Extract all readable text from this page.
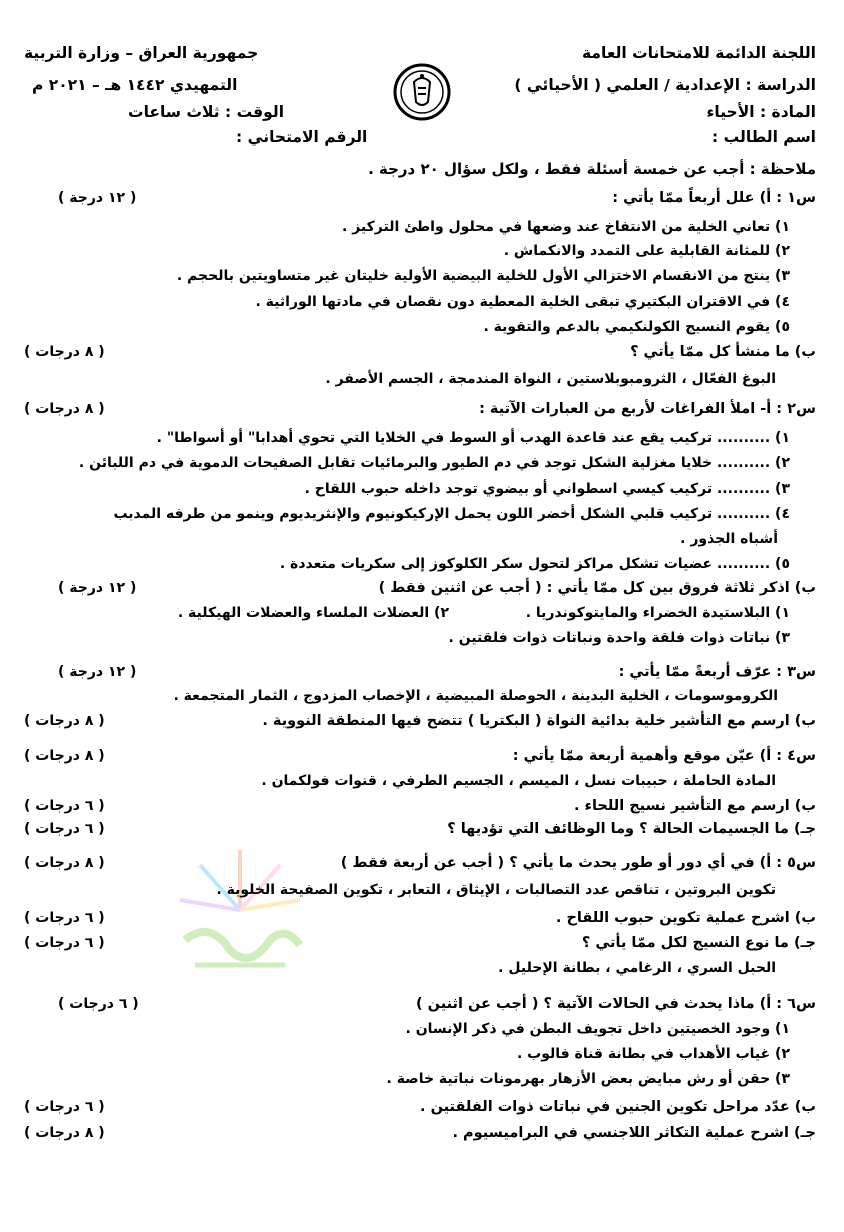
اللجنة الدائمة للامتحانات العامة
الدراسة : الإعدادية / العلمي ( الأحيائي )
المادة : الأحياء
اسم الطالب :
جمهورية العراق – وزارة التربية
التمهيدي ١٤٤٢ هـ – ٢٠٢١ م
الوقت : ثلاث ساعات
الرقم الامتحاني :
ملاحظة : أجب عن خمسة أسئلة فقط ، ولكل سؤال ٢٠ درجة .
س١ : أ) علل أربعاً ممّا يأتي :
( ١٢ درجة )
١) تعاني الخلية من الانتفاخ عند وضعها في محلول واطئ التركيز .
٢) للمثانة القابلية على التمدد والانكماش .
٣) ينتج من الانقسام الاختزالي الأول للخلية البيضية الأولية خليتان غير متساويتين بالحجم .
٤) في الاقتران البكتيري تبقى الخلية المعطية دون نقصان في مادتها الوراثية .
٥) يقوم النسيج الكولنكيمي بالدعم والتقوية .
ب) ما منشأ كل ممّا يأتي ؟
( ٨ درجات )
البوغ الفعّال ، الثرومبوبلاستين ، النواة المندمجة ، الجسم الأصفر .
س٢ : أ- املأ الفراغات لأربع من العبارات الآتية :
( ٨ درجات )
١) .......... تركيب يقع عند قاعدة الهدب أو السوط في الخلايا التي تحوي أهدابا" أو أسواطا" .
٢) .......... خلايا مغزلية الشكل توجد في دم الطيور والبرمائيات تقابل الصفيحات الدموية في دم اللبائن .
٣) .......... تركيب كيسي اسطواني أو بيضوي توجد داخله حبوب اللقاح .
٤) .......... تركيب قلبي الشكل أخضر اللون يحمل الإركيكونيوم والإنثريديوم وينمو من طرفه المدبب
أشباه الجذور .
٥) .......... عضيات تشكل مراكز لتحول سكر الكلوكوز إلى سكريات متعددة .
ب) اذكر ثلاثة فروق بين كل ممّا يأتي : ( أجب عن اثنين فقط )
( ١٢ درجة )
١) البلاستيدة الخضراء والمايتوكوندريا .
٢) العضلات الملساء والعضلات الهيكلية .
٣) نباتات ذوات فلقة واحدة ونباتات ذوات فلقتين .
س٣ : عرّف أربعةً ممّا يأتي :
( ١٢ درجة )
الكروموسومات ، الخلية البدينة ، الحوصلة المبيضية ، الإخصاب المزدوج ، الثمار المتجمعة .
ب) ارسم مع التأشير خلية بدائية النواة ( البكتريا ) تتضح فيها المنطقة النووية .
( ٨ درجات )
س٤ : أ) عيّن موقع وأهمية أربعة ممّا يأتي :
( ٨ درجات )
المادة الحاملة ، حبيبات نسل ، الميسم ، الجسيم الطرفي ، قنوات فولكمان .
ب) ارسم مع التأشير نسيج اللحاء .
( ٦ درجات )
جـ) ما الجسيمات الحالة ؟ وما الوظائف التي تؤديها ؟
( ٦ درجات )
س٥ : أ) في أي دور أو طور يحدث ما يأتي ؟ ( أجب عن أربعة فقط )
( ٨ درجات )
تكوين البروتين ، تناقص عدد التصالبات ، الإيثاق ، التعابر ، تكوين الصفيحة الخلوية .
ب) اشرح عملية تكوين حبوب اللقاح .
( ٦ درجات )
جـ) ما نوع النسيج لكل ممّا يأتي ؟
( ٦ درجات )
الحبل السري ، الرغامي ، بطانة الإحليل .
س٦ : أ) ماذا يحدث في الحالات الآتية ؟ ( أجب عن اثنين )
( ٦ درجات )
١) وجود الخصيتين داخل تجويف البطن في ذكر الإنسان .
٢) غياب الأهداب في بطانة قناة فالوب .
٣) حقن أو رش مبايض بعض الأزهار بهرمونات نباتية خاصة .
ب) عدّد مراحل تكوين الجنين في نباتات ذوات الفلقتين .
( ٦ درجات )
جـ) اشرح عملية التكاثر اللاجنسي في البراميسيوم .
( ٨ درجات )
